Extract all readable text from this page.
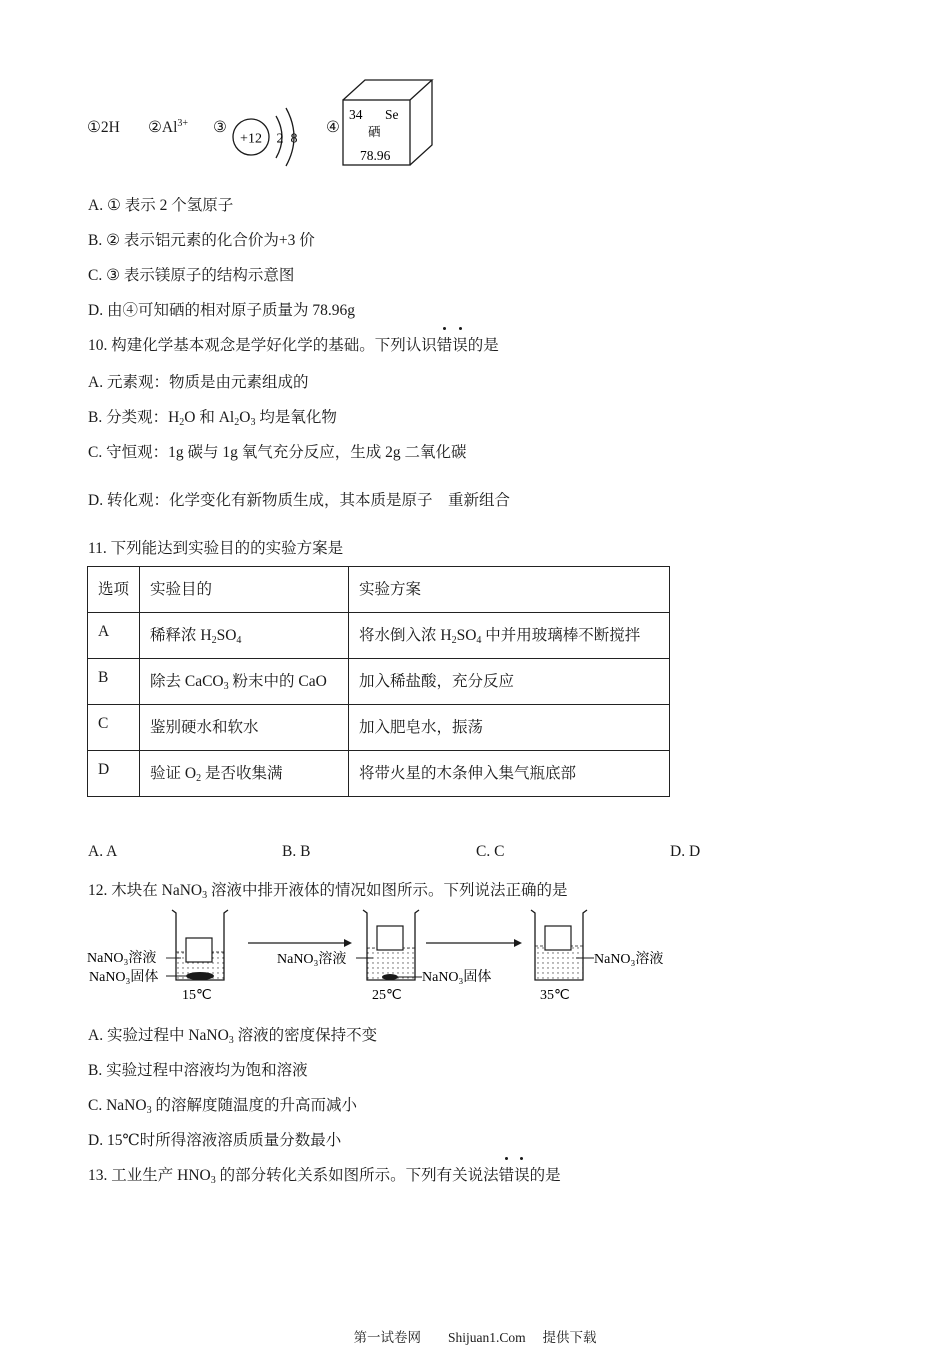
①2H $②Al^{3+}$ ③
+12 2 8
④
34 Se
硒
78.96
A. ① 表示 2 个氢原子
B. ② 表示铝元素的化合价为+3 价
C. ③ 表示镁原子的结构示意图
D. 由④可知硒的相对原子质量为 78.96g
10. 构建化学基本观念是学好化学的基础。下列认识错误的是
A. 元素观：物质是由元素组成的
B. 分类观：$H_2O$ 和 $Al_2O_3$ 均是氧化物
C. 守恒观：1g 碳与 1g 氧气充分反应，生成 2g 二氧化碳
D. 转化观：化学变化有新物质生成，其本质是原子　重新组合
11. 下列能达到实验目的的实验方案是
选项	实验目的	实验方案
A	稀释浓 $H_2SO_4$	将水倒入浓 $H_2SO_4$ 中并用玻璃棒不断搅拌
B	除去 CaCO$_3$ 粉末中的 CaO	加入稀盐酸，充分反应
C	鉴别硬水和软水	加入肥皂水，振荡
D	验证 $O_2$ 是否收集满	将带火星的木条伸入集气瓶底部
A. A	B. B	C. C	D. D
12. 木块在 NaNO$_3$ 溶液中排开液体的情况如图所示。下列说法正确的是
NaNO₃溶液
NaNO₃固体
15℃
NaNO₃溶液
NaNO₃固体
25℃
NaNO₃溶液
35℃
A. 实验过程中 NaNO$_3$ 溶液的密度保持不变
B. 实验过程中溶液均为饱和溶液
C. NaNO$_3$ 的溶解度随温度的升高而减小
D. 15℃时所得溶液溶质质量分数最小
13. 工业生产 $HNO_3$ 的部分转化关系如图所示。下列有关说法错误的是
第一试卷网　　Shijuan1.Com　 提供下载
